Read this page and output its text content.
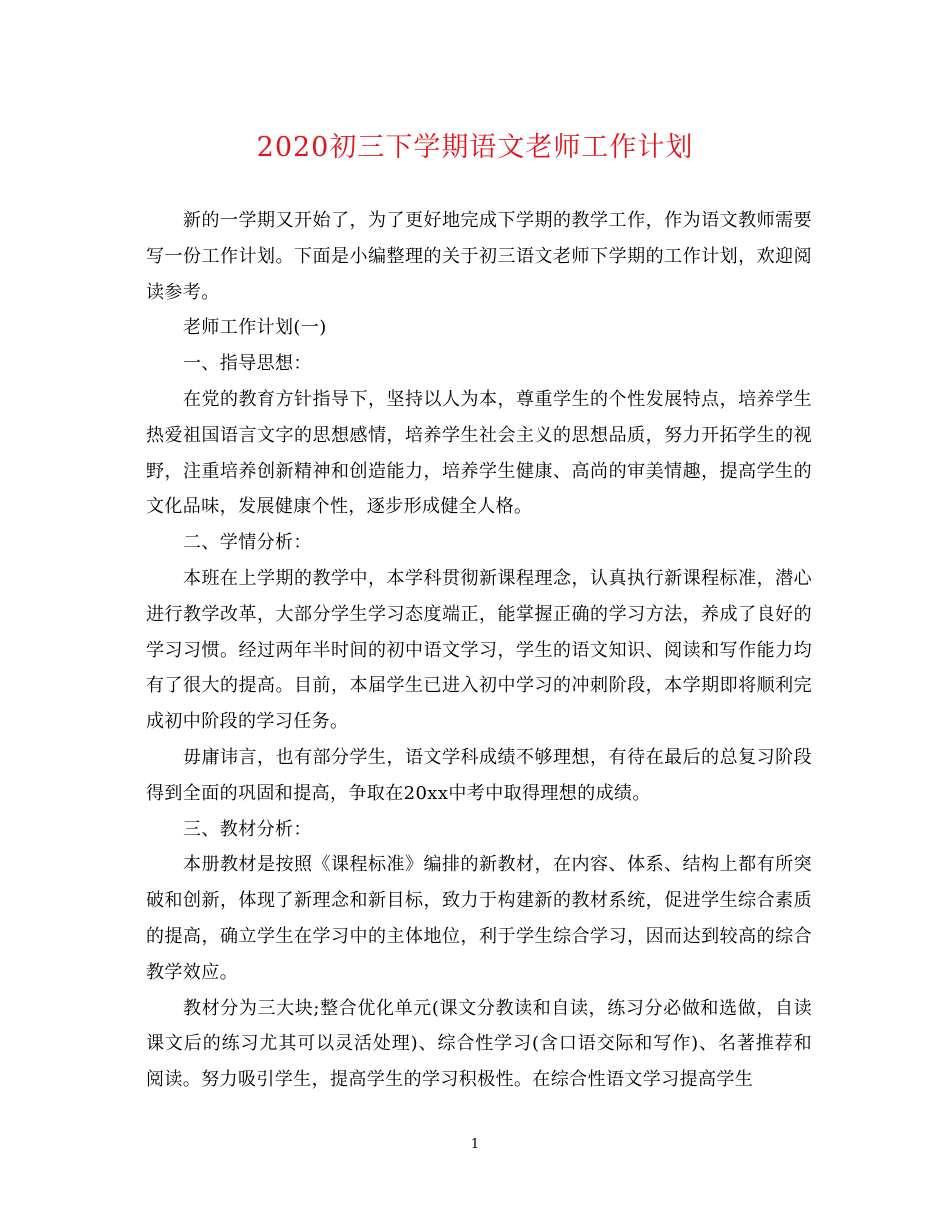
2020初三下学期语文老师工作计划

新的一学期又开始了，为了更好地完成下学期的教学工作，作为语文教师需要写一份工作计划。下面是小编整理的关于初三语文老师下学期的工作计划，欢迎阅读参考。

老师工作计划(一)

一、指导思想：

在党的教育方针指导下，坚持以人为本，尊重学生的个性发展特点，培养学生热爱祖国语言文字的思想感情，培养学生社会主义的思想品质，努力开拓学生的视野，注重培养创新精神和创造能力，培养学生健康、高尚的审美情趣，提高学生的文化品味，发展健康个性，逐步形成健全人格。

二、学情分析：

本班在上学期的教学中，本学科贯彻新课程理念，认真执行新课程标准，潜心进行教学改革，大部分学生学习态度端正，能掌握正确的学习方法，养成了良好的学习习惯。经过两年半时间的初中语文学习，学生的语文知识、阅读和写作能力均有了很大的提高。目前，本届学生已进入初中学习的冲刺阶段，本学期即将顺利完成初中阶段的学习任务。

毋庸讳言，也有部分学生，语文学科成绩不够理想，有待在最后的总复习阶段得到全面的巩固和提高，争取在20xx中考中取得理想的成绩。

三、教材分析：

本册教材是按照《课程标准》编排的新教材，在内容、体系、结构上都有所突破和创新，体现了新理念和新目标，致力于构建新的教材系统，促进学生综合素质的提高，确立学生在学习中的主体地位，利于学生综合学习，因而达到较高的综合教学效应。

教材分为三大块;整合优化单元(课文分教读和自读，练习分必做和选做，自读课文后的练习尤其可以灵活处理)、综合性学习(含口语交际和写作)、名著推荐和阅读。努力吸引学生，提高学生的学习积极性。在综合性语文学习提高学生

1
